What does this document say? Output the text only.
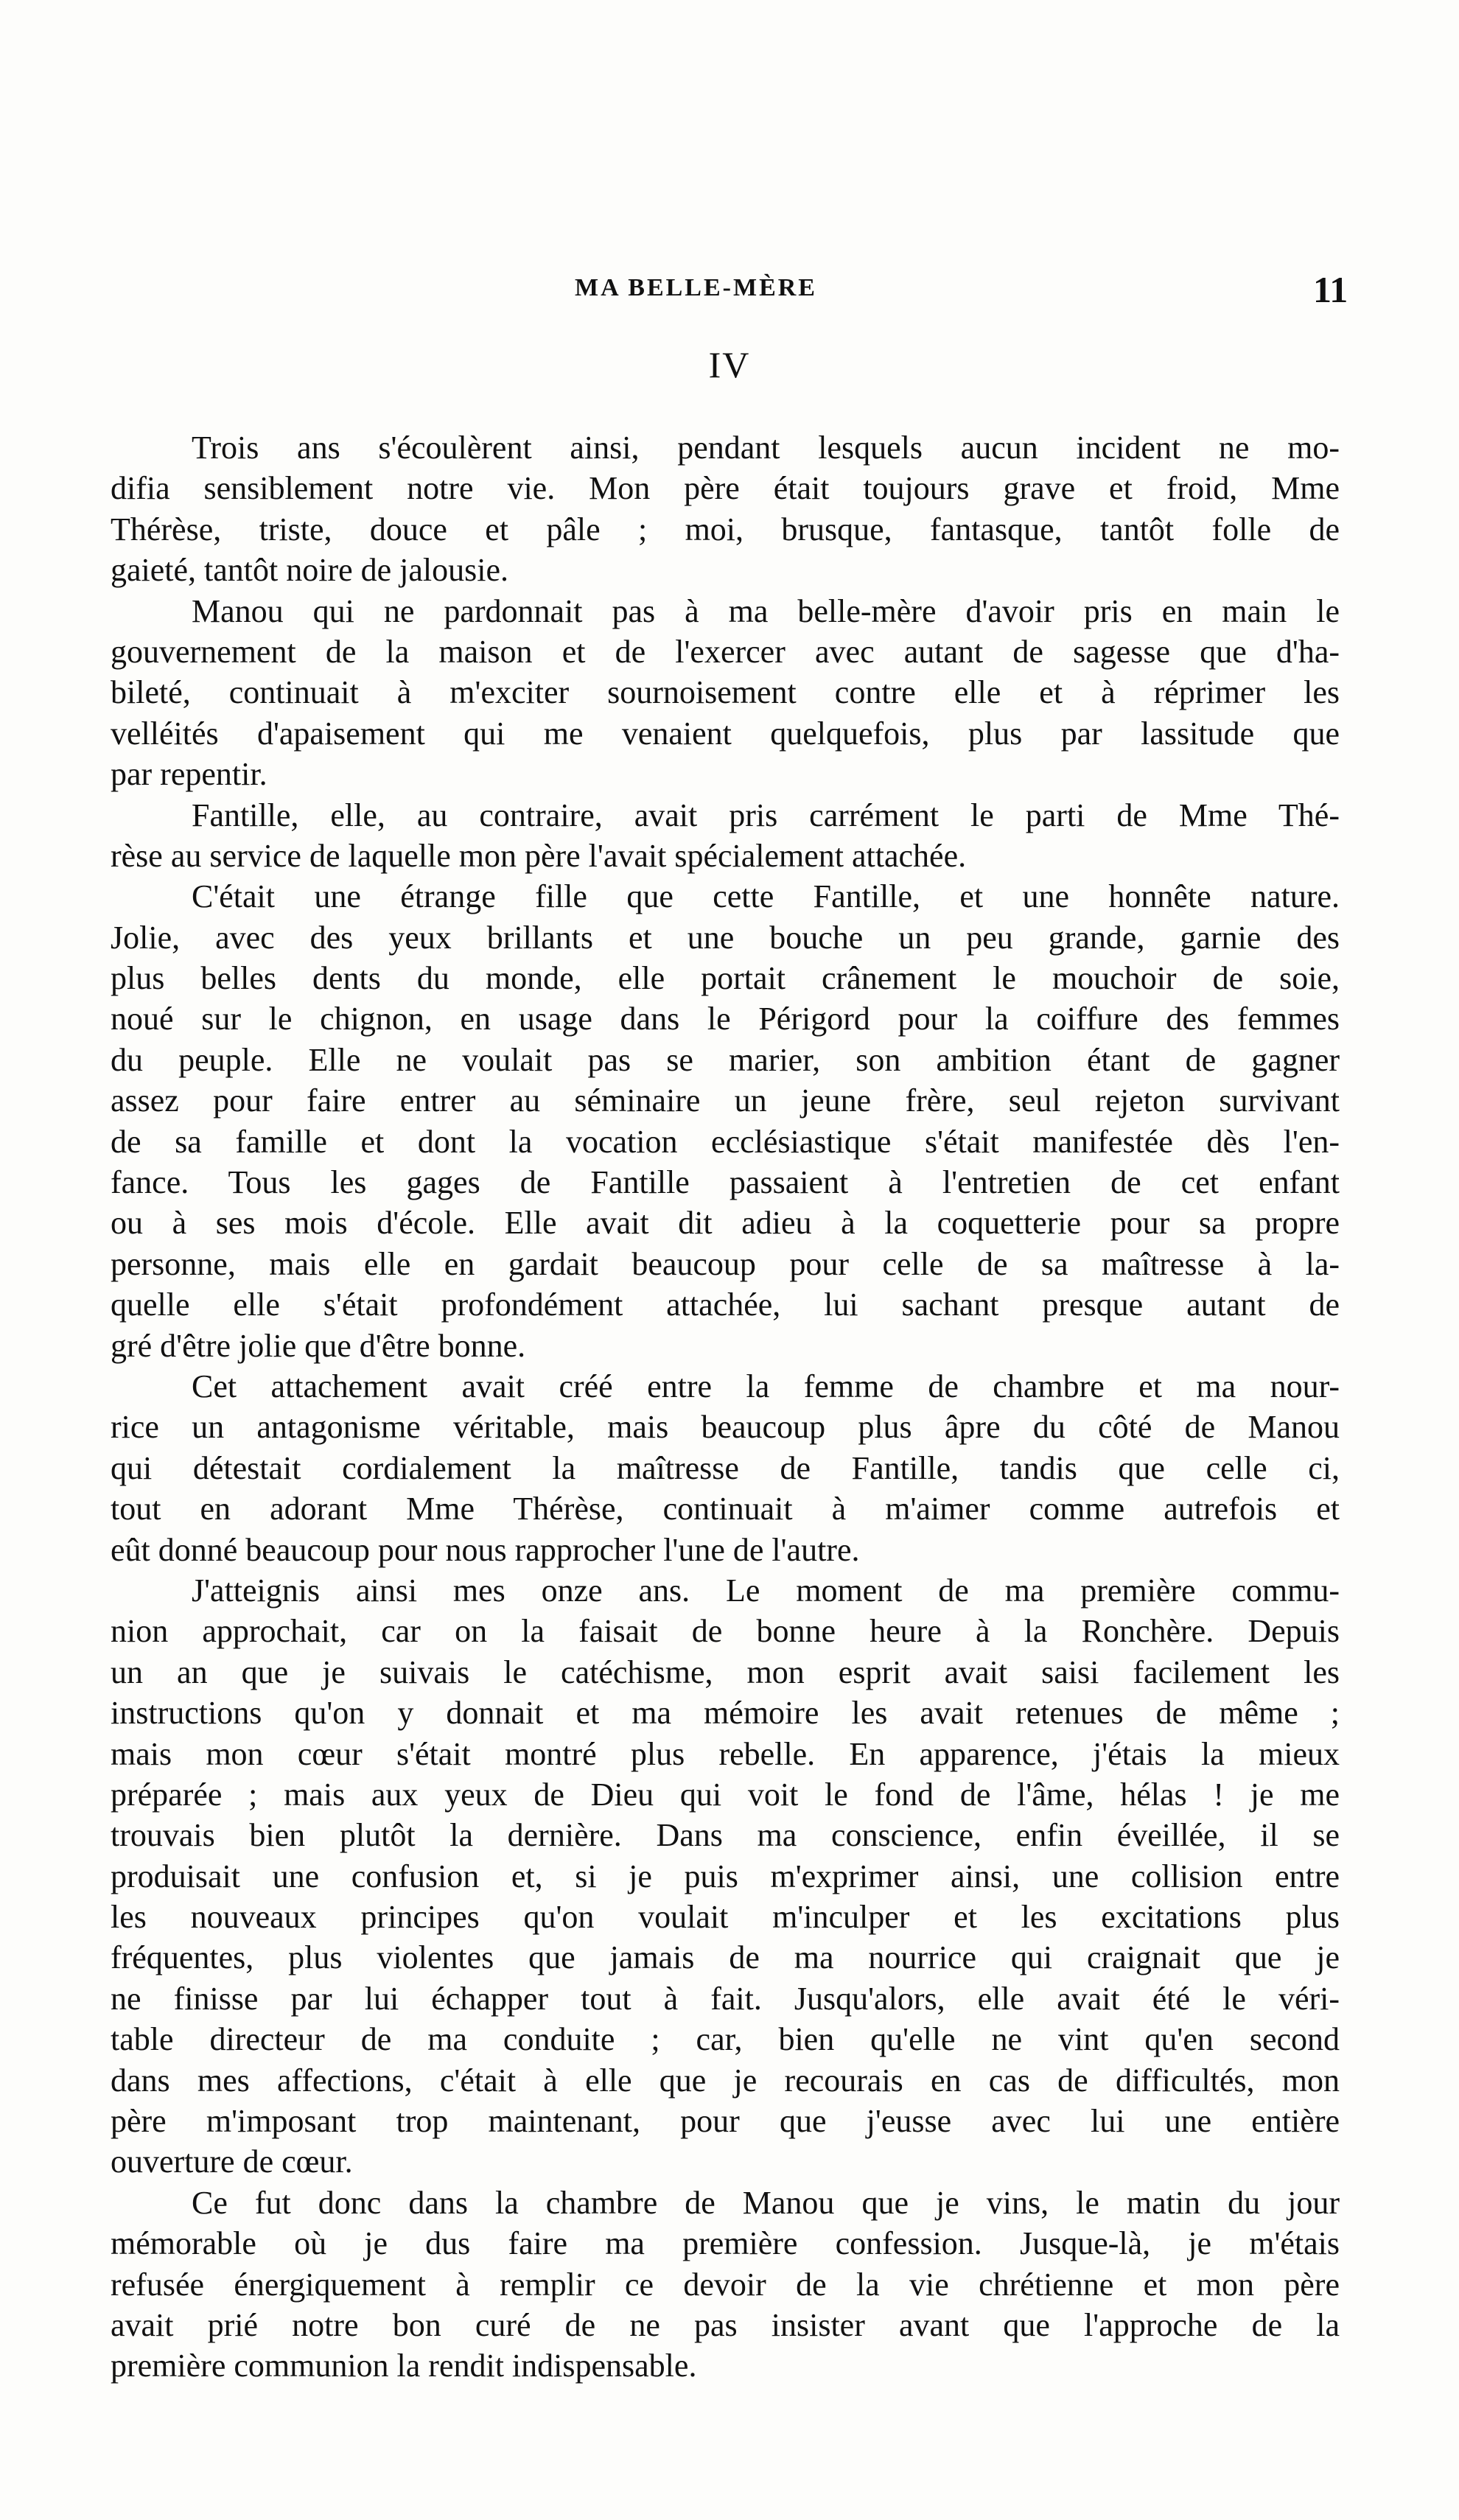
MA BELLE-MÈRE	11
IV
Trois ans s'écoulèrent ainsi, pendant lesquels aucun incident ne mo-
difia sensiblement notre vie. Mon père était toujours grave et froid, Mme
Thérèse, triste, douce et pâle ; moi, brusque, fantasque, tantôt folle de
gaieté, tantôt noire de jalousie.
Manou qui ne pardonnait pas à ma belle-mère d'avoir pris en main le
gouvernement de la maison et de l'exercer avec autant de sagesse que d'ha-
bileté, continuait à m'exciter sournoisement contre elle et à réprimer les
velléités d'apaisement qui me venaient quelquefois, plus par lassitude que
par repentir.
Fantille, elle, au contraire, avait pris carrément le parti de Mme Thé-
rèse au service de laquelle mon père l'avait spécialement attachée.
C'était une étrange fille que cette Fantille, et une honnête nature.
Jolie, avec des yeux brillants et une bouche un peu grande, garnie des
plus belles dents du monde, elle portait crânement le mouchoir de soie,
noué sur le chignon, en usage dans le Périgord pour la coiffure des femmes
du peuple. Elle ne voulait pas se marier, son ambition étant de gagner
assez pour faire entrer au séminaire un jeune frère, seul rejeton survivant
de sa famille et dont la vocation ecclésiastique s'était manifestée dès l'en-
fance. Tous les gages de Fantille passaient à l'entretien de cet enfant
ou à ses mois d'école. Elle avait dit adieu à la coquetterie pour sa propre
personne, mais elle en gardait beaucoup pour celle de sa maîtresse à la-
quelle elle s'était profondément attachée, lui sachant presque autant de
gré d'être jolie que d'être bonne.
Cet attachement avait créé entre la femme de chambre et ma nour-
rice un antagonisme véritable, mais beaucoup plus âpre du côté de Manou
qui détestait cordialement la maîtresse de Fantille, tandis que celle ci,
tout en adorant Mme Thérèse, continuait à m'aimer comme autrefois et
eût donné beaucoup pour nous rapprocher l'une de l'autre.
J'atteignis ainsi mes onze ans. Le moment de ma première commu-
nion approchait, car on la faisait de bonne heure à la Ronchère. Depuis
un an que je suivais le catéchisme, mon esprit avait saisi facilement les
instructions qu'on y donnait et ma mémoire les avait retenues de même ;
mais mon cœur s'était montré plus rebelle. En apparence, j'étais la mieux
préparée ; mais aux yeux de Dieu qui voit le fond de l'âme, hélas ! je me
trouvais bien plutôt la dernière. Dans ma conscience, enfin éveillée, il se
produisait une confusion et, si je puis m'exprimer ainsi, une collision entre
les nouveaux principes qu'on voulait m'inculper et les excitations plus
fréquentes, plus violentes que jamais de ma nourrice qui craignait que je
ne finisse par lui échapper tout à fait. Jusqu'alors, elle avait été le véri-
table directeur de ma conduite ; car, bien qu'elle ne vint qu'en second
dans mes affections, c'était à elle que je recourais en cas de difficultés, mon
père m'imposant trop maintenant, pour que j'eusse avec lui une entière
ouverture de cœur.
Ce fut donc dans la chambre de Manou que je vins, le matin du jour
mémorable où je dus faire ma première confession. Jusque-là, je m'étais
refusée énergiquement à remplir ce devoir de la vie chrétienne et mon père
avait prié notre bon curé de ne pas insister avant que l'approche de la
première communion la rendit indispensable.
